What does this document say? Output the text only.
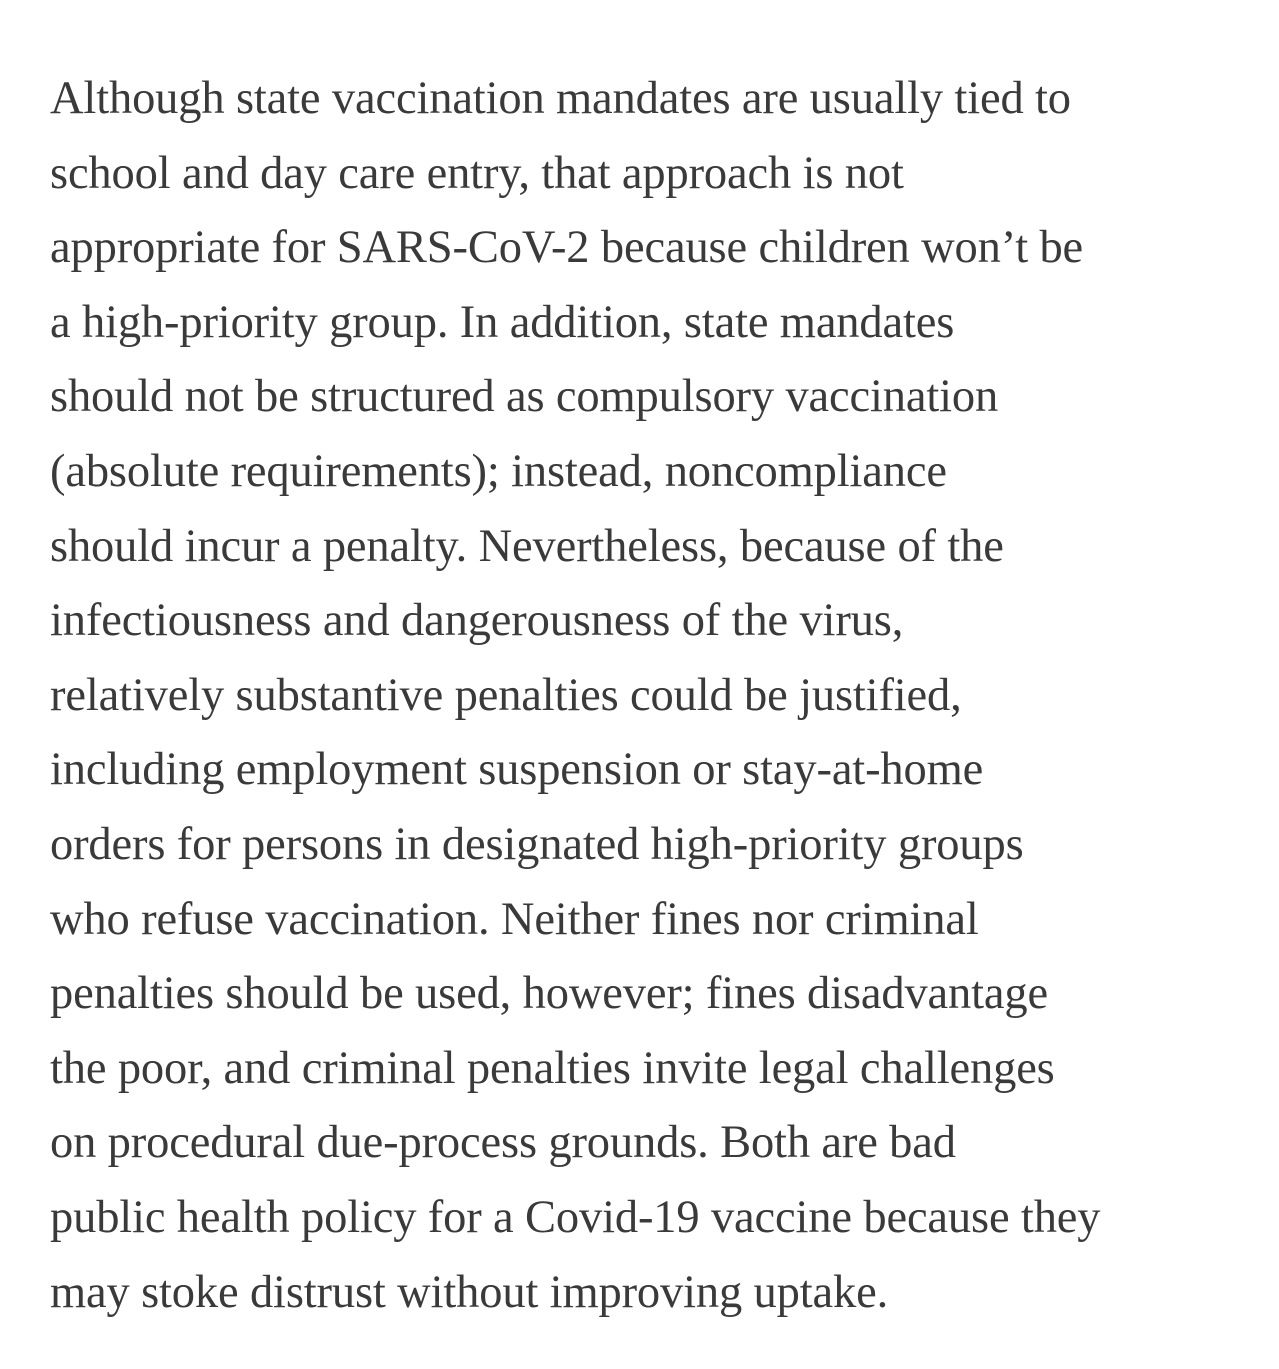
Although state vaccination mandates are usually tied to
school and day care entry, that approach is not
appropriate for SARS-CoV-2 because children won’t be
a high-priority group. In addition, state mandates
should not be structured as compulsory vaccination
(absolute requirements); instead, noncompliance
should incur a penalty. Nevertheless, because of the
infectiousness and dangerousness of the virus,
relatively substantive penalties could be justified,
including employment suspension or stay-at-home
orders for persons in designated high-priority groups
who refuse vaccination. Neither fines nor criminal
penalties should be used, however; fines disadvantage
the poor, and criminal penalties invite legal challenges
on procedural due-process grounds. Both are bad
public health policy for a Covid-19 vaccine because they
may stoke distrust without improving uptake.
